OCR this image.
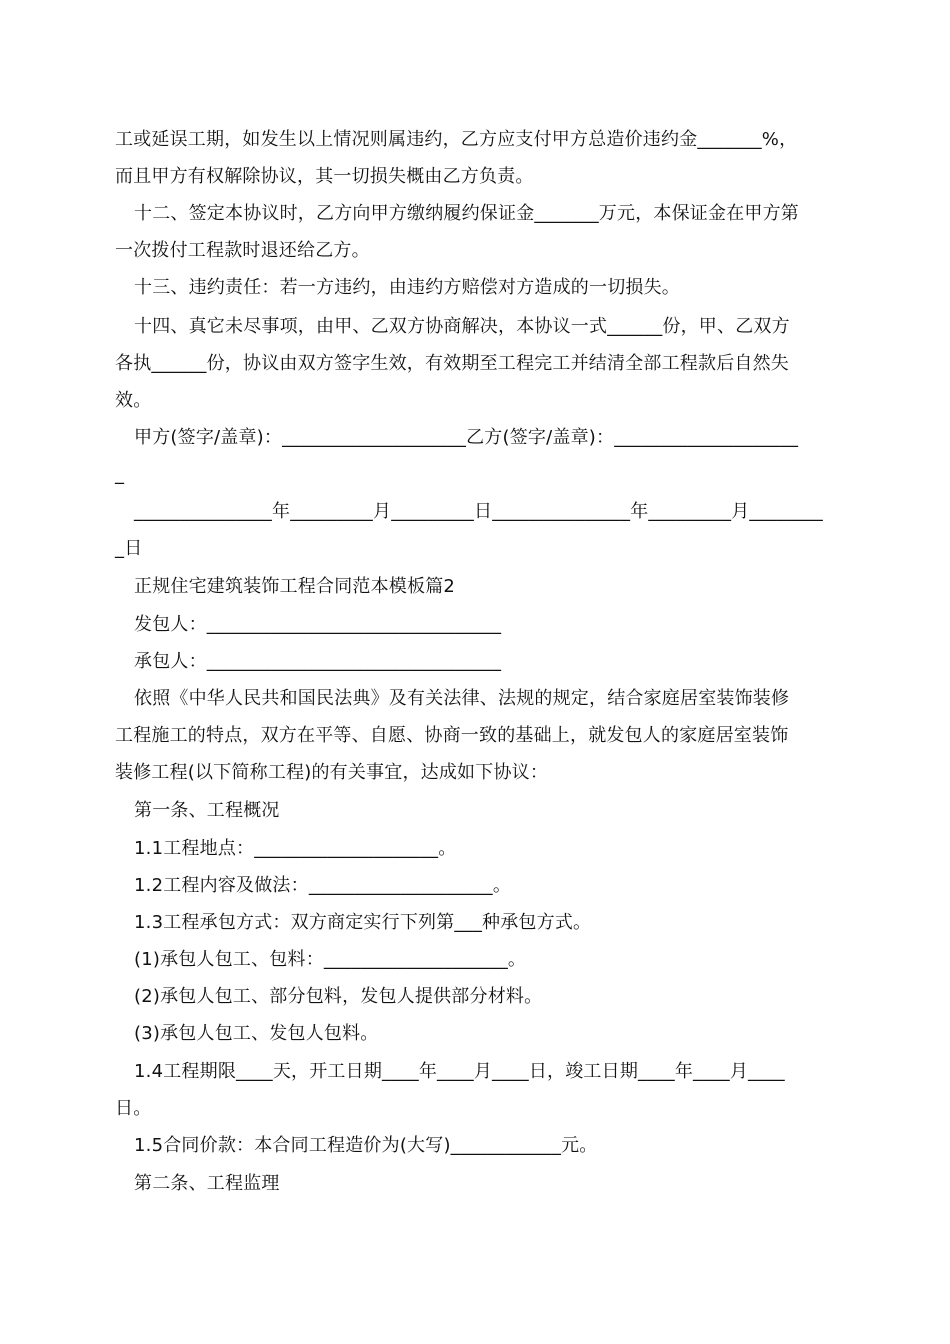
工或延误工期，如发生以上情况则属违约，乙方应支付甲方总造价违约金_______%，
而且甲方有权解除协议，其一切损失概由乙方负责。
十二、签定本协议时，乙方向甲方缴纳履约保证金_______万元，本保证金在甲方第
一次拨付工程款时退还给乙方。
十三、违约责任：若一方违约，由违约方赔偿对方造成的一切损失。
十四、真它未尽事项，由甲、乙双方协商解决，本协议一式______份，甲、乙双方
各执______份，协议由双方签字生效，有效期至工程完工并结清全部工程款后自然失
效。
甲方(签字/盖章)：____________________乙方(签字/盖章)：____________________
_
_______________年_________月_________日_______________年_________月________
_日
正规住宅建筑装饰工程合同范本模板篇2
发包人：________________________________
承包人：________________________________
依照《中华人民共和国民法典》及有关法律、法规的规定，结合家庭居室装饰装修
工程施工的特点，双方在平等、自愿、协商一致的基础上，就发包人的家庭居室装饰
装修工程(以下简称工程)的有关事宜，达成如下协议：
第一条、工程概况
1.1工程地点：____________________。
1.2工程内容及做法：____________________。
1.3工程承包方式：双方商定实行下列第___种承包方式。
(1)承包人包工、包料：____________________。
(2)承包人包工、部分包料，发包人提供部分材料。
(3)承包人包工、发包人包料。
1.4工程期限____天，开工日期____年____月____日，竣工日期____年____月____
日。
1.5合同价款：本合同工程造价为(大写)____________元。
第二条、工程监理
